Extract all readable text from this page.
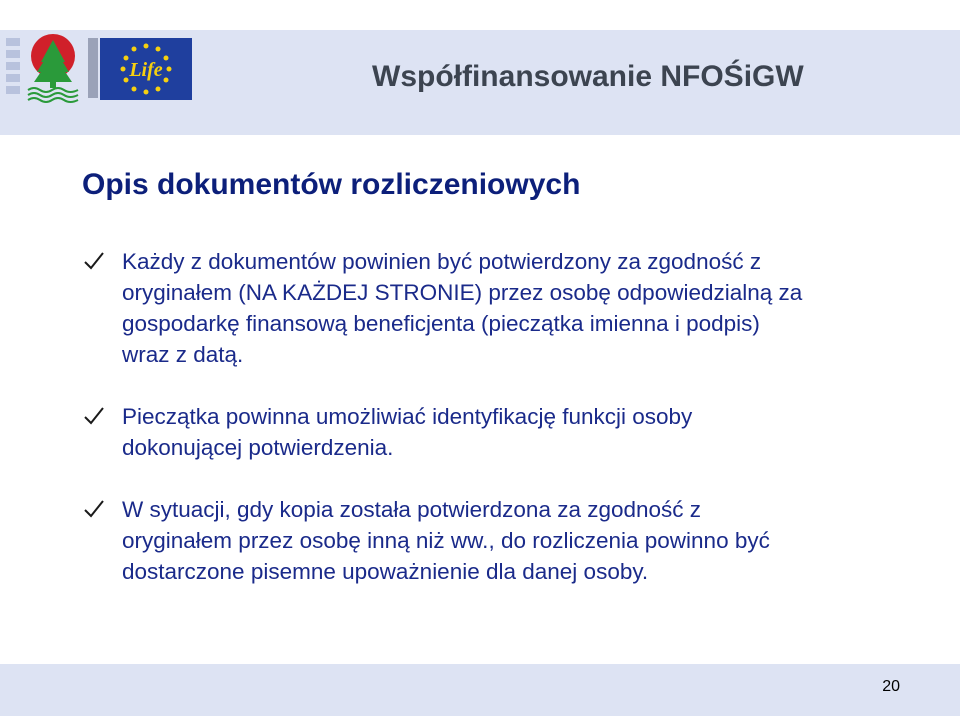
Life	Współfinansowanie NFOŚiGW
Opis dokumentów rozliczeniowych
Każdy z dokumentów powinien być potwierdzony za zgodność z
oryginałem (NA KAŻDEJ STRONIE) przez osobę odpowiedzialną za
gospodarkę finansową beneficjenta (pieczątka imienna i podpis)
wraz z datą.
Pieczątka powinna umożliwiać identyfikację funkcji osoby
dokonującej potwierdzenia.
W sytuacji, gdy kopia została potwierdzona za zgodność z
oryginałem przez osobę inną niż ww., do rozliczenia powinno być
dostarczone pisemne upoważnienie dla danej osoby.
20
